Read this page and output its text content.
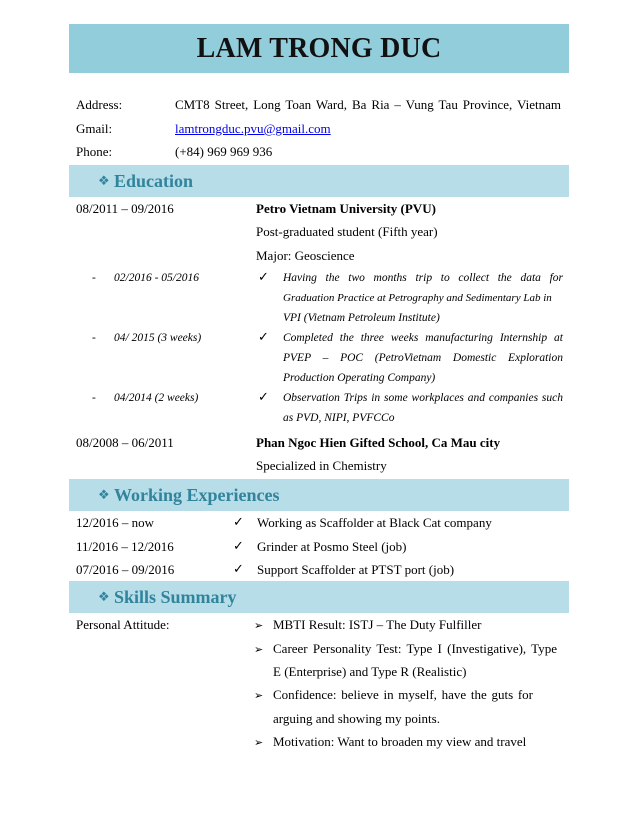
LAM TRONG DUC
Address:	CMT8 Street, Long Toan Ward, Ba Ria – Vung Tau Province, Vietnam
Gmail:	lamtrongduc.pvu@gmail.com
Phone:	(+84) 969 969 936
❖ Education
08/2011 – 09/2016	Petro Vietnam University (PVU)
Post-graduated student (Fifth year)
Major: Geoscience
- 02/2016 - 05/2016	✓ Having the two months trip to collect the data for
Graduation Practice at Petrography and Sedimentary Lab in
VPI (Vietnam Petroleum Institute)
- 04/ 2015 (3 weeks)	✓ Completed the three weeks manufacturing Internship at
PVEP – POC (PetroVietnam Domestic Exploration
Production Operating Company)
- 04/2014 (2 weeks)	✓ Observation Trips in some workplaces and companies such
as PVD, NIPI, PVFCCo
08/2008 – 06/2011	Phan Ngoc Hien Gifted School, Ca Mau city
Specialized in Chemistry
❖ Working Experiences
12/2016 – now	✓ Working as Scaffolder at Black Cat company
11/2016 – 12/2016	✓ Grinder at Posmo Steel (job)
07/2016 – 09/2016	✓ Support Scaffolder at PTST port (job)
❖ Skills Summary
Personal Attitude:	➢ MBTI Result: ISTJ – The Duty Fulfiller
➢ Career Personality Test: Type I (Investigative), Type
E (Enterprise) and Type R (Realistic)
➢ Confidence: believe in myself, have the guts for
arguing and showing my points.
➢ Motivation: Want to broaden my view and travel
